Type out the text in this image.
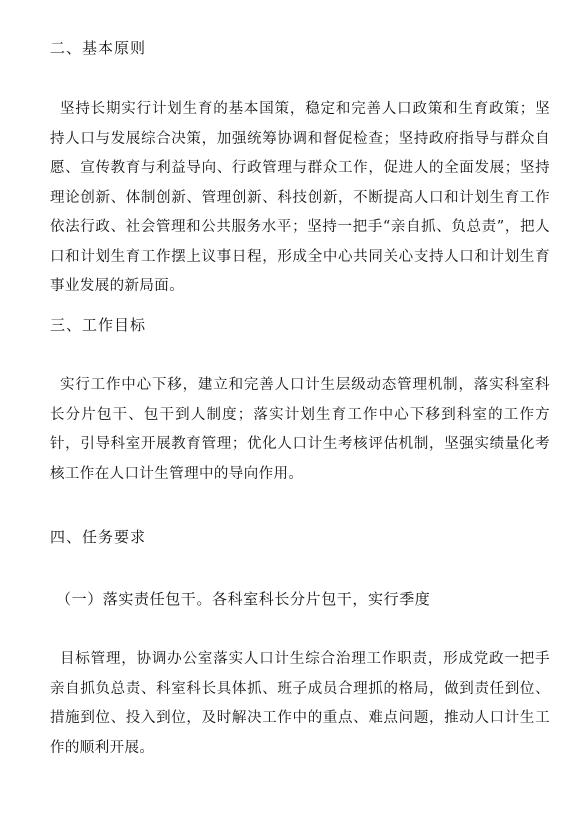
二、基本原则

坚持长期实行计划生育的基本国策，稳定和完善人口政策和生育政策；坚持人口与发展综合决策，加强统筹协调和督促检查；坚持政府指导与群众自愿、宣传教育与利益导向、行政管理与群众工作，促进人的全面发展；坚持理论创新、体制创新、管理创新、科技创新，不断提高人口和计划生育工作依法行政、社会管理和公共服务水平；坚持一把手“亲自抓、负总责”，把人口和计划生育工作摆上议事日程，形成全中心共同关心支持人口和计划生育事业发展的新局面。

三、工作目标

实行工作中心下移，建立和完善人口计生层级动态管理机制，落实科室科长分片包干、包干到人制度；落实计划生育工作中心下移到科室的工作方针，引导科室开展教育管理；优化人口计生考核评估机制，坚强实绩量化考核工作在人口计生管理中的导向作用。

四、任务要求

（一）落实责任包干。各科室科长分片包干，实行季度

目标管理，协调办公室落实人口计生综合治理工作职责，形成党政一把手亲自抓负总责、科室科长具体抓、班子成员合理抓的格局，做到责任到位、措施到位、投入到位，及时解决工作中的重点、难点问题，推动人口计生工作的顺利开展。
